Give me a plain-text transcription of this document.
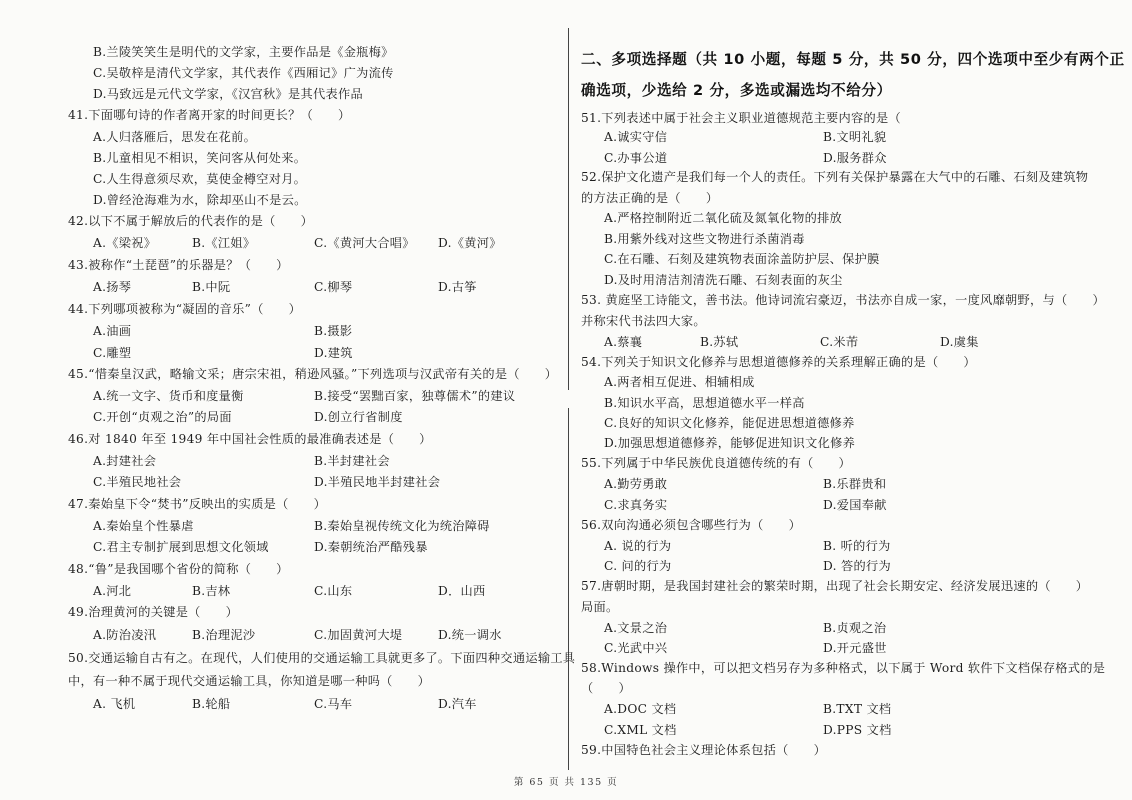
B.兰陵笑笑生是明代的文学家，主要作品是《金瓶梅》
C.吴敬梓是清代文学家，其代表作《西厢记》广为流传
D.马致远是元代文学家，《汉宫秋》是其代表作品
41.下面哪句诗的作者离开家的时间更长？（　　）
A.人归落雁后，思发在花前。
B.儿童相见不相识，笑问客从何处来。
C.人生得意须尽欢，莫使金樽空对月。
D.曾经沧海难为水，除却巫山不是云。
42.以下不属于解放后的代表作的是（　　）
A.《梁祝》	B.《江姐》	C.《黄河大合唱》 D.《黄河》
43.被称作“土琵琶”的乐器是？（　　）
A.扬琴	B.中阮	C.柳琴	D.古筝
44.下列哪项被称为“凝固的音乐”（　　）
A.油画	B.摄影
C.雕塑	D.建筑
45.“惜秦皇汉武，略输文采；唐宗宋祖，稍逊风骚。”下列选项与汉武帝有关的是（　　）
A.统一文字、货币和度量衡	B.接受“罢黜百家，独尊儒术”的建议
C.开创“贞观之治”的局面	D.创立行省制度
46.对 1840 年至 1949 年中国社会性质的最准确表述是（　　）
A.封建社会	B.半封建社会
C.半殖民地社会	D.半殖民地半封建社会
47.秦始皇下令“焚书”反映出的实质是（　　）
A.秦始皇个性暴虐	B.秦始皇视传统文化为统治障碍
C.君主专制扩展到思想文化领域	D.秦朝统治严酷残暴
48.“鲁”是我国哪个省份的简称（　　）
A.河北	B.吉林	C.山东	D．山西
49.治理黄河的关键是（　　）
A.防治凌汛	B.治理泥沙	C.加固黄河大堤	D.统一调水
50.交通运输自古有之。在现代，人们使用的交通运输工具就更多了。下面四种交通运输工具
中，有一种不属于现代交通运输工具，你知道是哪一种吗（　　）
A. 飞机	B.轮船	C.马车	D.汽车
二、多项选择题（共 10 小题，每题 5 分，共 50 分，四个选项中至少有两个正
确选项，少选给 2 分，多选或漏选均不给分）
51.下列表述中属于社会主义职业道德规范主要内容的是（
A.诚实守信	B.文明礼貌
C.办事公道	D.服务群众
52.保护文化遗产是我们每一个人的责任。下列有关保护暴露在大气中的石雕、石刻及建筑物
的方法正确的是（　　）
A.严格控制附近二氧化硫及氮氧化物的排放
B.用紫外线对这些文物进行杀菌消毒
C.在石雕、石刻及建筑物表面涂盖防护层、保护膜
D.及时用清洁剂清洗石雕、石刻表面的灰尘
53. 黄庭坚工诗能文，善书法。他诗词流宕豪迈，书法亦自成一家，一度风靡朝野，与（　　）
并称宋代书法四大家。
A.蔡襄	B.苏轼	C.米芾	D.虞集
54.下列关于知识文化修养与思想道德修养的关系理解正确的是（　　）
A.两者相互促进、相辅相成
B.知识水平高，思想道德水平一样高
C.良好的知识文化修养，能促进思想道德修养
D.加强思想道德修养，能够促进知识文化修养
55.下列属于中华民族优良道德传统的有（　　）
A.勤劳勇敢	B.乐群贵和
C.求真务实	D.爱国奉献
56.双向沟通必须包含哪些行为（　　）
A. 说的行为	B. 听的行为
C. 问的行为	D. 答的行为
57.唐朝时期，是我国封建社会的繁荣时期，出现了社会长期安定、经济发展迅速的（　　）
局面。
A.文景之治	B.贞观之治
C.光武中兴	D.开元盛世
58.Windows 操作中，可以把文档另存为多种格式，以下属于 Word 软件下文档保存格式的是
（　　）
A.DOC 文档	B.TXT 文档
C.XML 文档	D.PPS 文档
59.中国特色社会主义理论体系包括（　　）
第 65 页 共 135 页
